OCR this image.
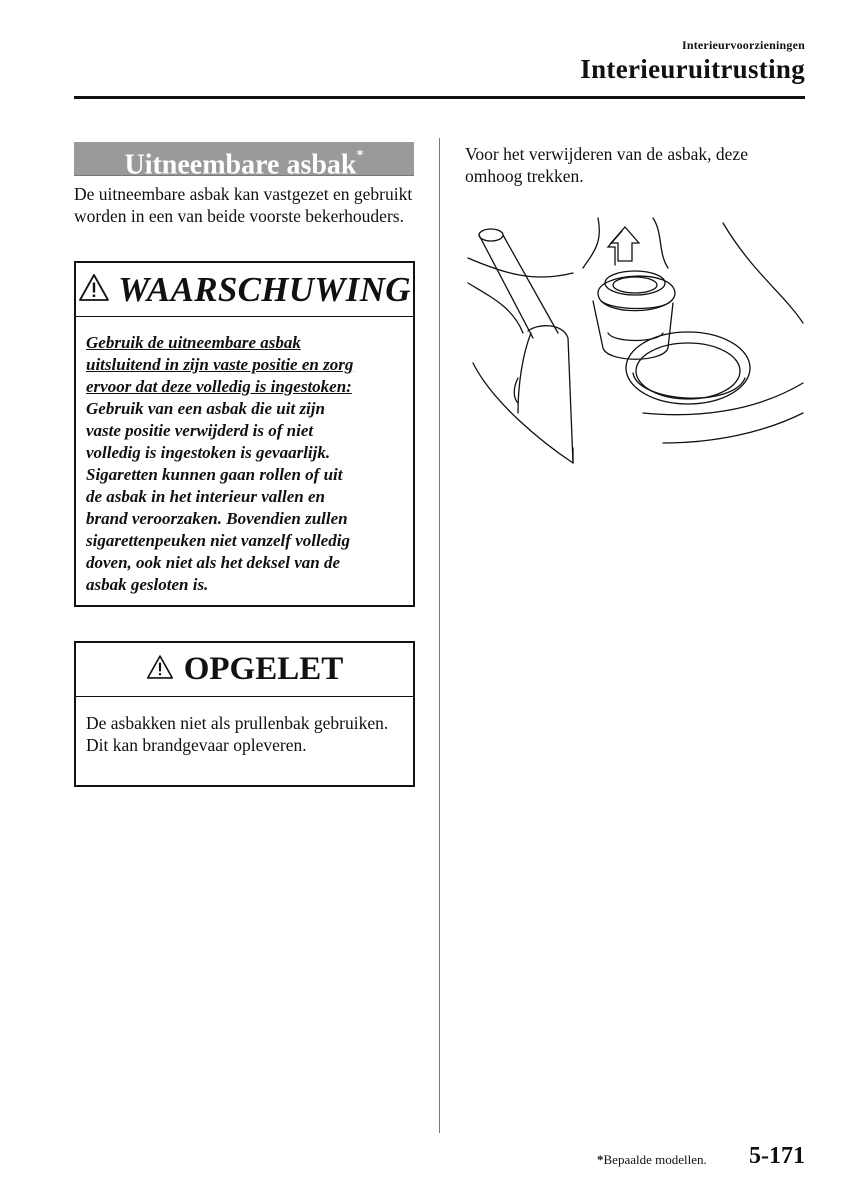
Interieurvoorzieningen
Interieuruitrusting
Uitneembare asbak*
De uitneembare asbak kan vastgezet en gebruikt worden in een van beide voorste bekerhouders.
WAARSCHUWING
Gebruik de uitneembare asbak
uitsluitend in zijn vaste positie en zorg
ervoor dat deze volledig is ingestoken:
Gebruik van een asbak die uit zijn
vaste positie verwijderd is of niet
volledig is ingestoken is gevaarlijk.
Sigaretten kunnen gaan rollen of uit
de asbak in het interieur vallen en
brand veroorzaken. Bovendien zullen
sigarettenpeuken niet vanzelf volledig
doven, ook niet als het deksel van de
asbak gesloten is.
OPGELET
De asbakken niet als prullenbak gebruiken. Dit kan brandgevaar opleveren.
Voor het verwijderen van de asbak, deze omhoog trekken.
*Bepaalde modellen. 5-171
